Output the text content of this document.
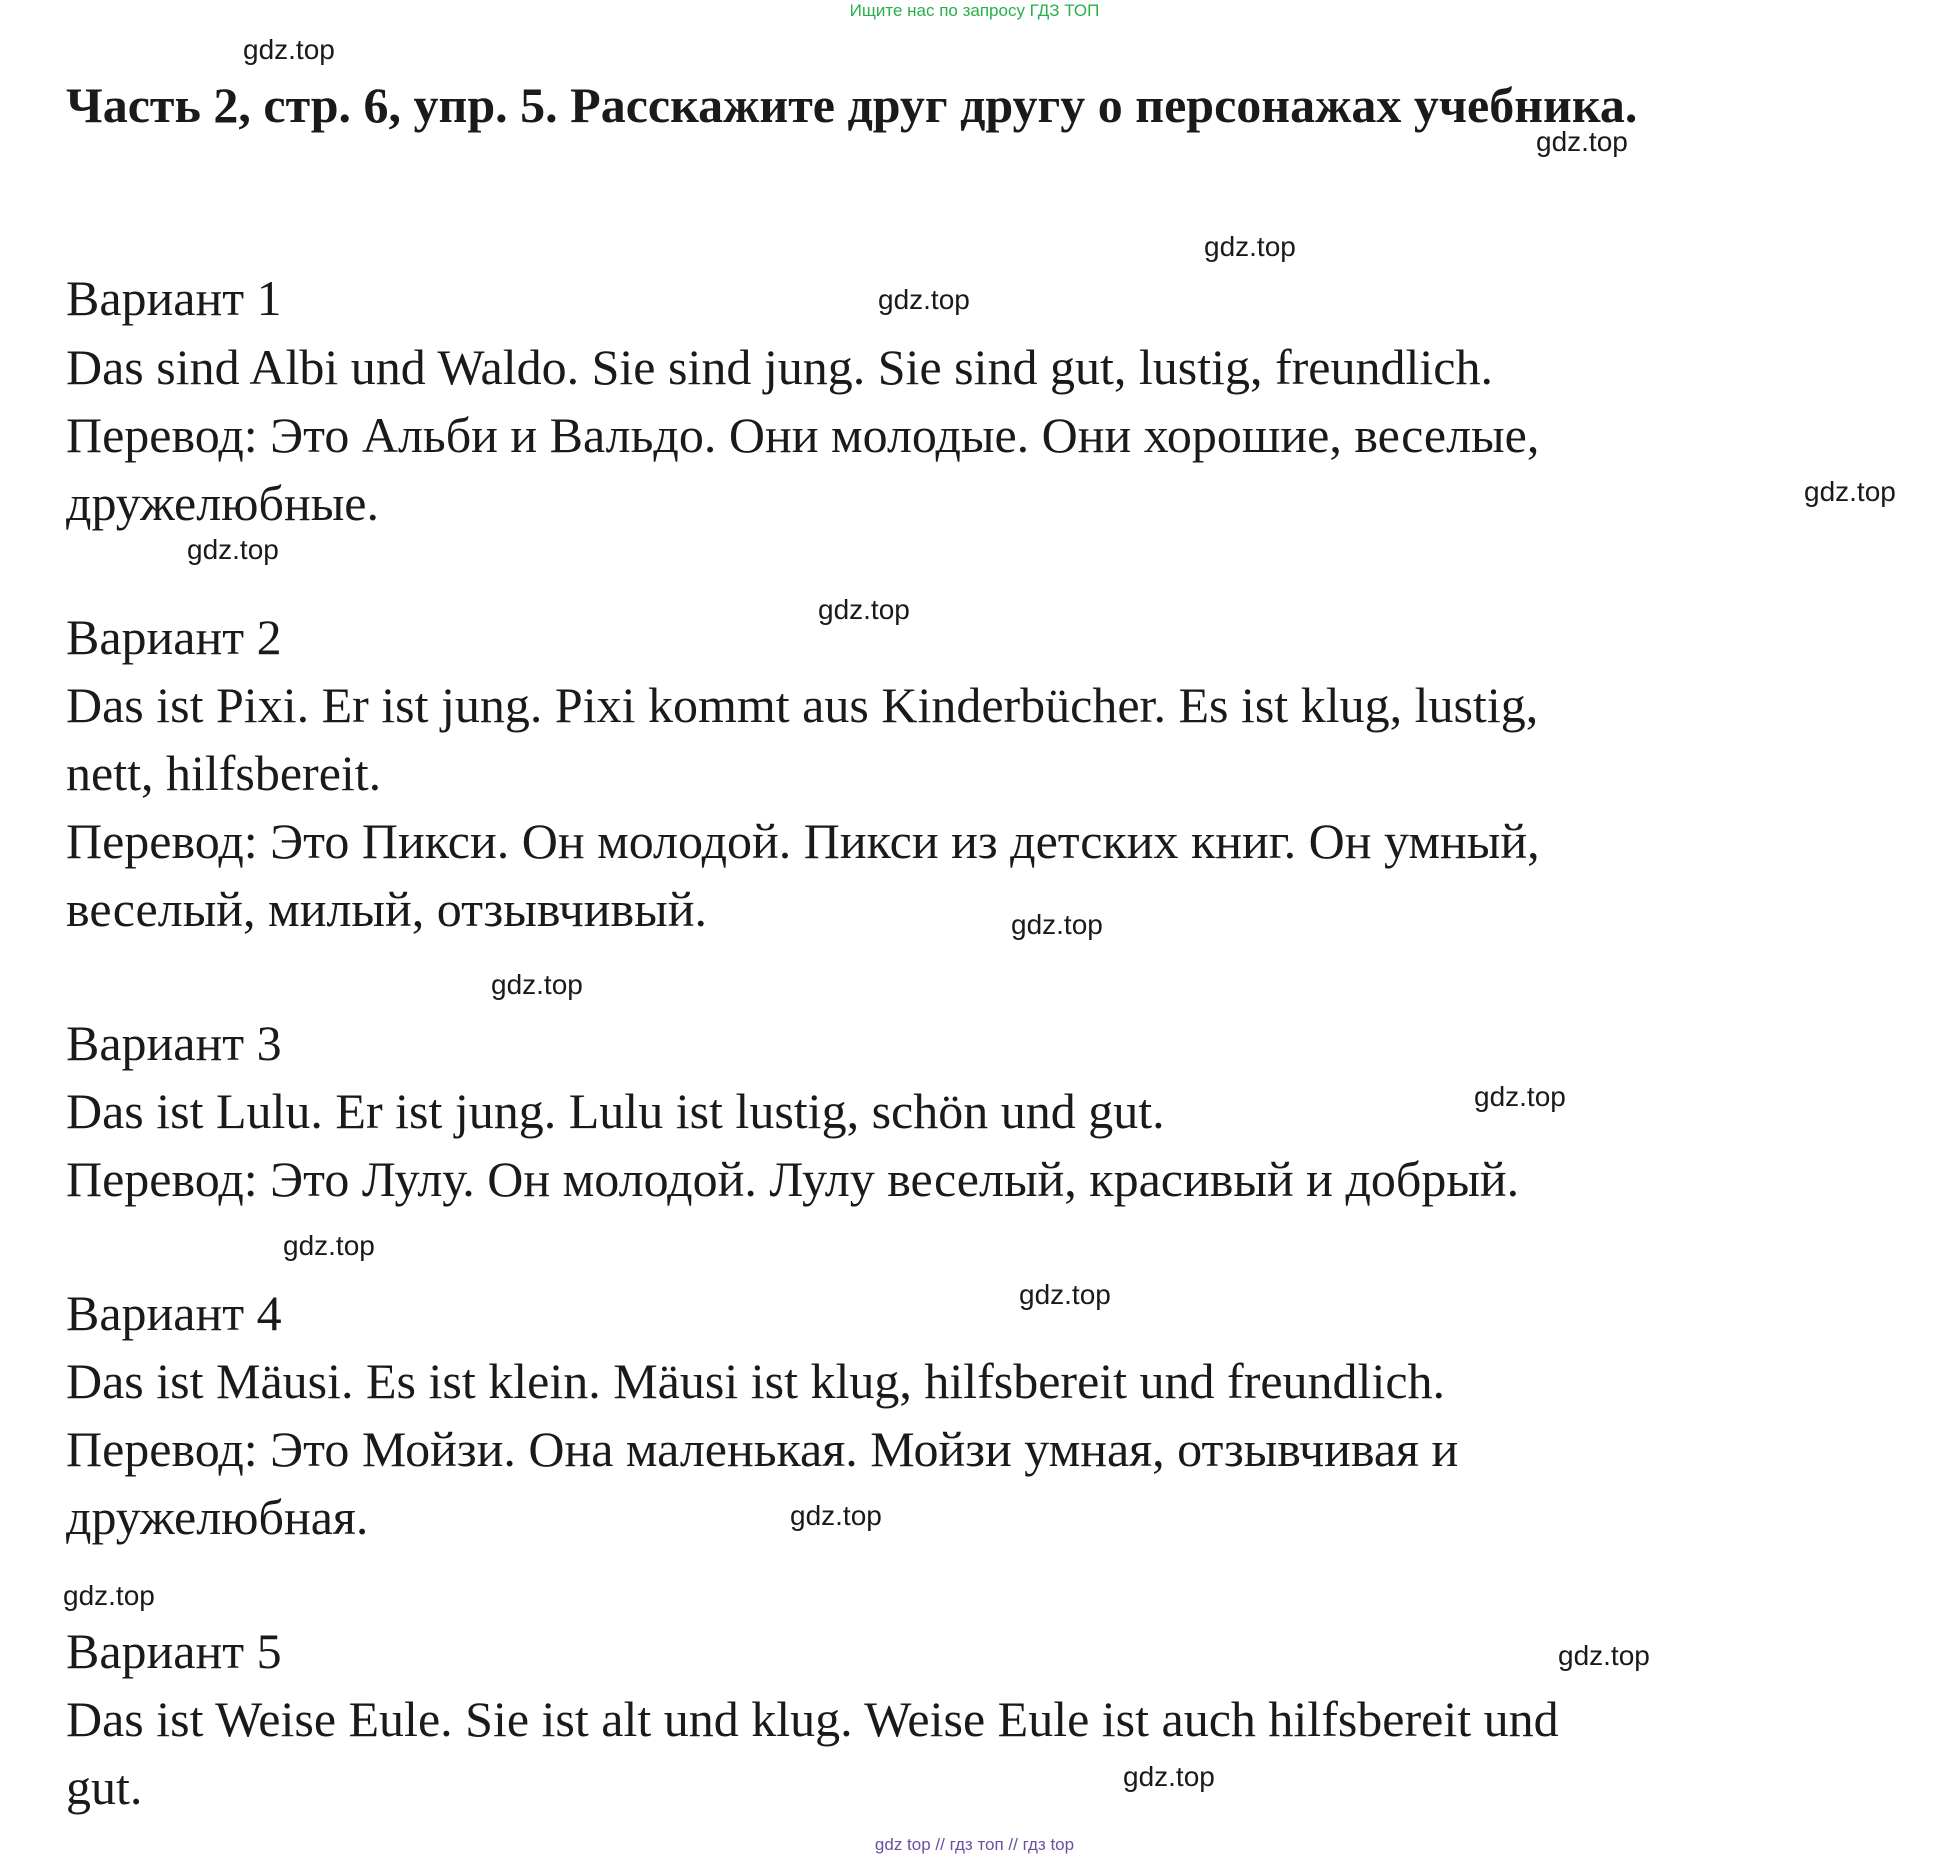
Ищите нас по запросу ГДЗ ТОП
Часть 2, стр. 6, упр. 5. Расскажите друг другу о персонажах учебника.

Вариант 1

Das sind Albi und Waldo. Sie sind jung. Sie sind gut, lustig, freundlich.

Перевод: Это Альби и Вальдо. Они молодые. Они хорошие, веселые,

дружелюбные.

Вариант 2

Das ist Pixi. Er ist jung. Pixi kommt aus Kinderbücher. Es ist klug, lustig,

nett, hilfsbereit.

Перевод: Это Пикси. Он молодой. Пикси из детских книг. Он умный,

веселый, милый, отзывчивый.

Вариант 3

Das ist Lulu. Er ist jung. Lulu ist lustig, schön und gut.

Перевод: Это Лулу. Он молодой. Лулу веселый, красивый и добрый.

Вариант 4

Das ist Mäusi. Es ist klein. Mäusi ist klug, hilfsbereit und freundlich.

Перевод: Это Мойзи. Она маленькая. Мойзи умная, отзывчивая и

дружелюбная.

Вариант 5

Das ist Weise Eule. Sie ist alt und klug. Weise Eule ist auch hilfsbereit und

gut.

gdz.top
gdz.top
gdz.top
gdz.top
gdz.top
gdz.top
gdz.top
gdz.top
gdz.top
gdz.top
gdz.top
gdz.top
gdz.top
gdz.top
gdz.top
gdz.top
gdz top // гдз топ // гдз top
